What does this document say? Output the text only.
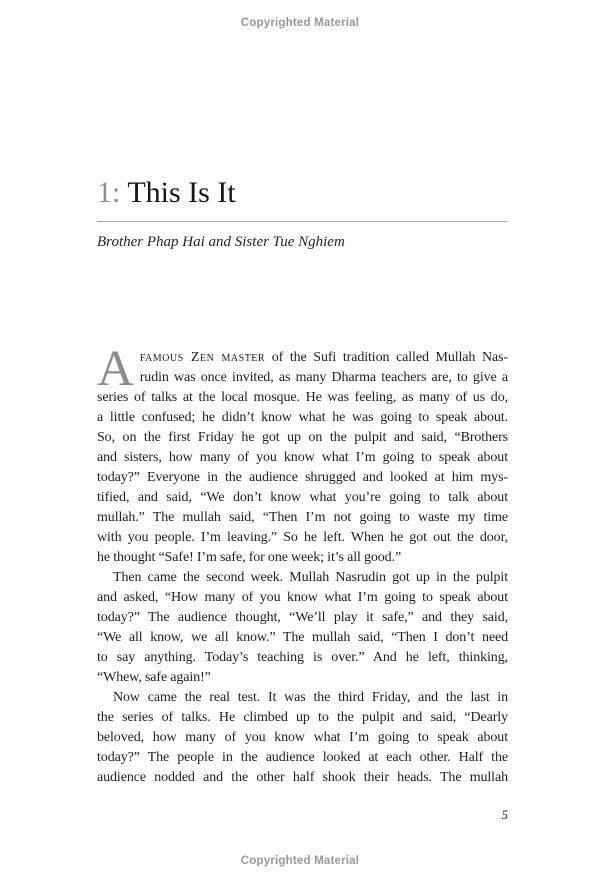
Copyrighted Material
1: This Is It
Brother Phap Hai and Sister Tue Nghiem
A famous Zen master of the Sufi tradition called Mullah Nas-
rudin was once invited, as many Dharma teachers are, to give a
series of talks at the local mosque. He was feeling, as many of us do,
a little confused; he didn’t know what he was going to speak about.
So, on the first Friday he got up on the pulpit and said, “Brothers
and sisters, how many of you know what I’m going to speak about
today?” Everyone in the audience shrugged and looked at him mys-
tified, and said, “We don’t know what you’re going to talk about
mullah.” The mullah said, “Then I’m not going to waste my time
with you people. I’m leaving.” So he left. When he got out the door,
he thought “Safe! I’m safe, for one week; it’s all good.”
Then came the second week. Mullah Nasrudin got up in the pulpit
and asked, “How many of you know what I’m going to speak about
today?” The audience thought, “We’ll play it safe,” and they said,
“We all know, we all know.” The mullah said, “Then I don’t need
to say anything. Today’s teaching is over.” And he left, thinking,
“Whew, safe again!”
Now came the real test. It was the third Friday, and the last in
the series of talks. He climbed up to the pulpit and said, “Dearly
beloved, how many of you know what I’m going to speak about
today?” The people in the audience looked at each other. Half the
audience nodded and the other half shook their heads. The mullah
5
Copyrighted Material
